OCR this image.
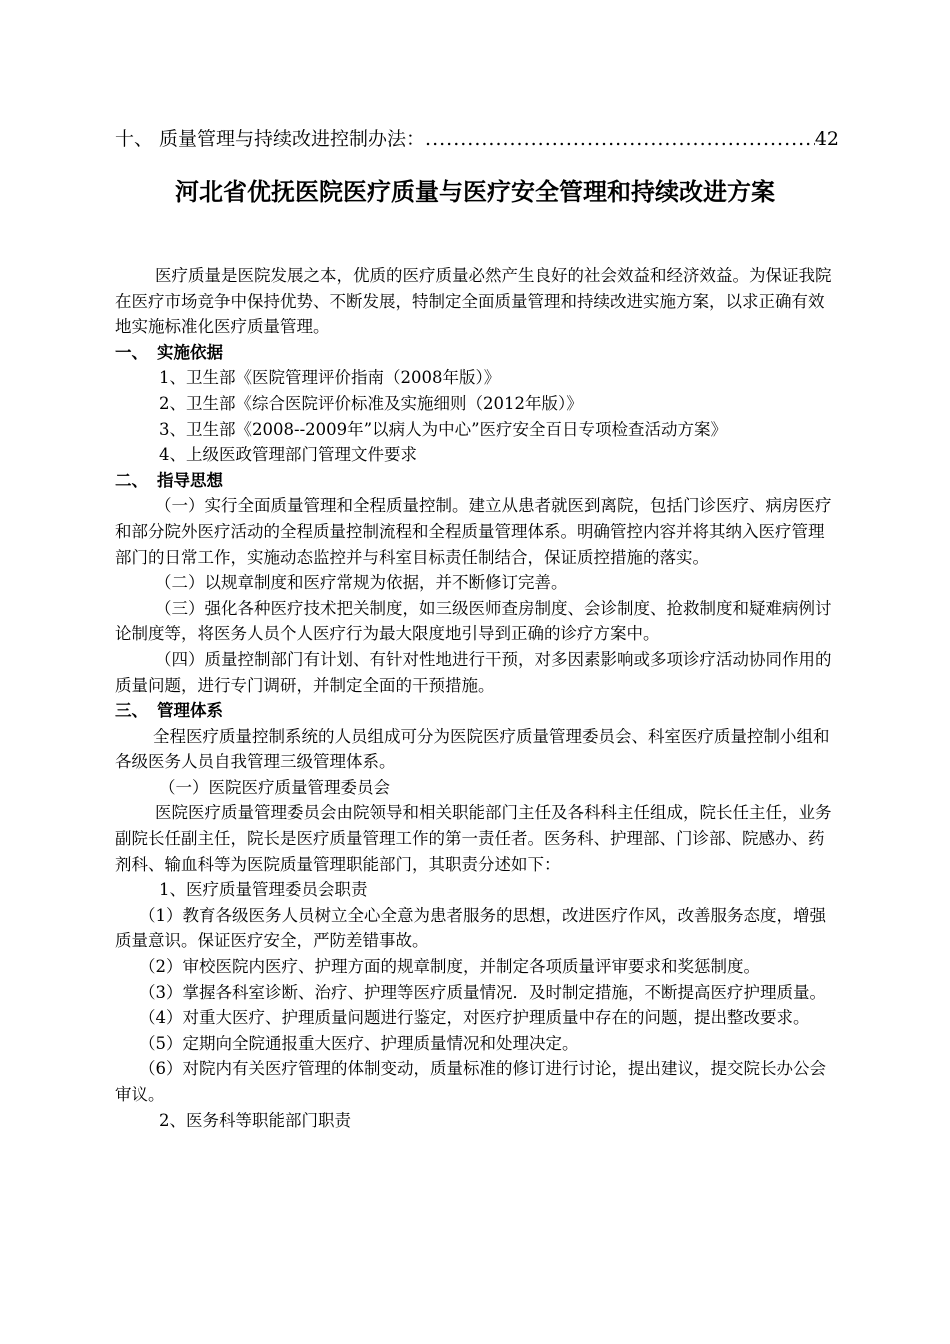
十、 质量管理与持续改进控制办法：
.....	42
河北省优抚医院医疗质量与医疗安全管理和持续改进方案

医疗质量是医院发展之本，优质的医疗质量必然产生良好的社会效益和经济效益。为保证我院在医疗市场竞争中保持优势、不断发展，特制定全面质量管理和持续改进实施方案，以求正确有效地实施标准化医疗质量管理。

一、 实施依据

1、卫生部《医院管理评价指南（2008年版）》

2、卫生部《综合医院评价标准及实施细则（2012年版）》

3、卫生部《2008--2009年”以病人为中心”医疗安全百日专项检查活动方案》

4、上级医政管理部门管理文件要求

二、 指导思想

（一）实行全面质量管理和全程质量控制。建立从患者就医到离院，包括门诊医疗、病房医疗和部分院外医疗活动的全程质量控制流程和全程质量管理体系。明确管控内容并将其纳入医疗管理部门的日常工作，实施动态监控并与科室目标责任制结合，保证质控措施的落实。

（二）以规章制度和医疗常规为依据，并不断修订完善。

（三）强化各种医疗技术把关制度，如三级医师查房制度、会诊制度、抢救制度和疑难病例讨论制度等，将医务人员个人医疗行为最大限度地引导到正确的诊疗方案中。

（四）质量控制部门有计划、有针对性地进行干预，对多因素影响或多项诊疗活动协同作用的质量问题，进行专门调研，并制定全面的干预措施。

三、 管理体系

全程医疗质量控制系统的人员组成可分为医院医疗质量管理委员会、科室医疗质量控制小组和各级医务人员自我管理三级管理体系。

（一）医院医疗质量管理委员会

医院医疗质量管理委员会由院领导和相关职能部门主任及各科科主任组成，院长任主任，业务副院长任副主任，院长是医疗质量管理工作的第一责任者。医务科、护理部、门诊部、院感办、药剂科、输血科等为医院质量管理职能部门，其职责分述如下：

1、医疗质量管理委员会职责

（1）教育各级医务人员树立全心全意为患者服务的思想，改进医疗作风，改善服务态度，增强质量意识。保证医疗安全，严防差错事故。

（2）审校医院内医疗、护理方面的规章制度，并制定各项质量评审要求和奖惩制度。

（3）掌握各科室诊断、治疗、护理等医疗质量情况．及时制定措施，不断提高医疗护理质量。

（4）对重大医疗、护理质量问题进行鉴定，对医疗护理质量中存在的问题，提出整改要求。

（5）定期向全院通报重大医疗、护理质量情况和处理决定。

（6）对院内有关医疗管理的体制变动，质量标准的修订进行讨论，提出建议，提交院长办公会审议。

2、医务科等职能部门职责
